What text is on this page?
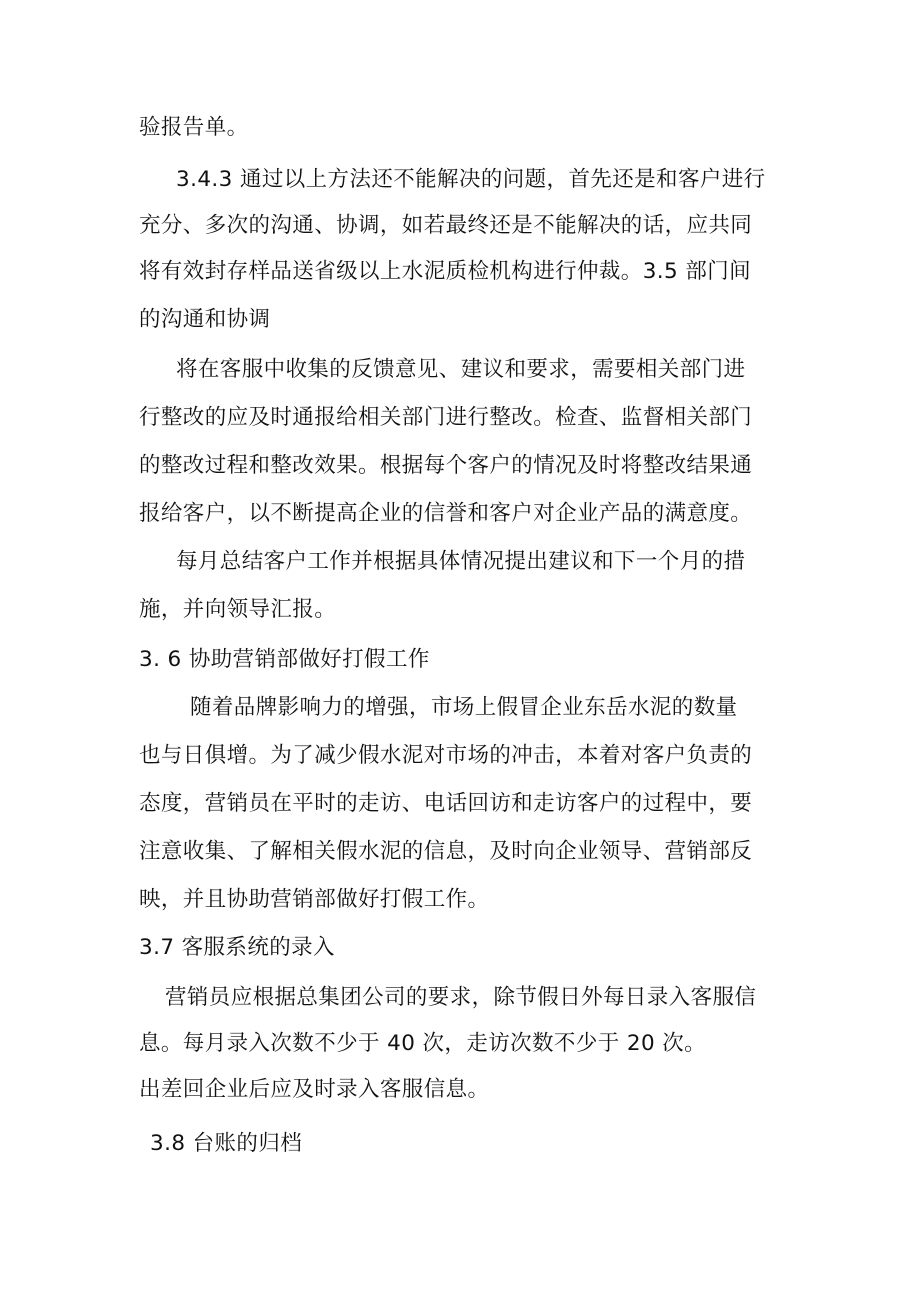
验报告单。
3.4.3 通过以上方法还不能解决的问题，首先还是和客户进行
充分、多次的沟通、协调，如若最终还是不能解决的话，应共同
将有效封存样品送省级以上水泥质检机构进行仲裁。3.5 部门间
的沟通和协调
将在客服中收集的反馈意见、建议和要求，需要相关部门进
行整改的应及时通报给相关部门进行整改。检查、监督相关部门
的整改过程和整改效果。根据每个客户的情况及时将整改结果通
报给客户，以不断提高企业的信誉和客户对企业产品的满意度。
每月总结客户工作并根据具体情况提出建议和下一个月的措
施，并向领导汇报。
3. 6 协助营销部做好打假工作
随着品牌影响力的增强，市场上假冒企业东岳水泥的数量
也与日俱增。为了减少假水泥对市场的冲击，本着对客户负责的
态度，营销员在平时的走访、电话回访和走访客户的过程中，要
注意收集、了解相关假水泥的信息，及时向企业领导、营销部反
映，并且协助营销部做好打假工作。
3.7 客服系统的录入
营销员应根据总集团公司的要求，除节假日外每日录入客服信
息。每月录入次数不少于 40 次，走访次数不少于 20 次。
出差回企业后应及时录入客服信息。
3.8 台账的归档
